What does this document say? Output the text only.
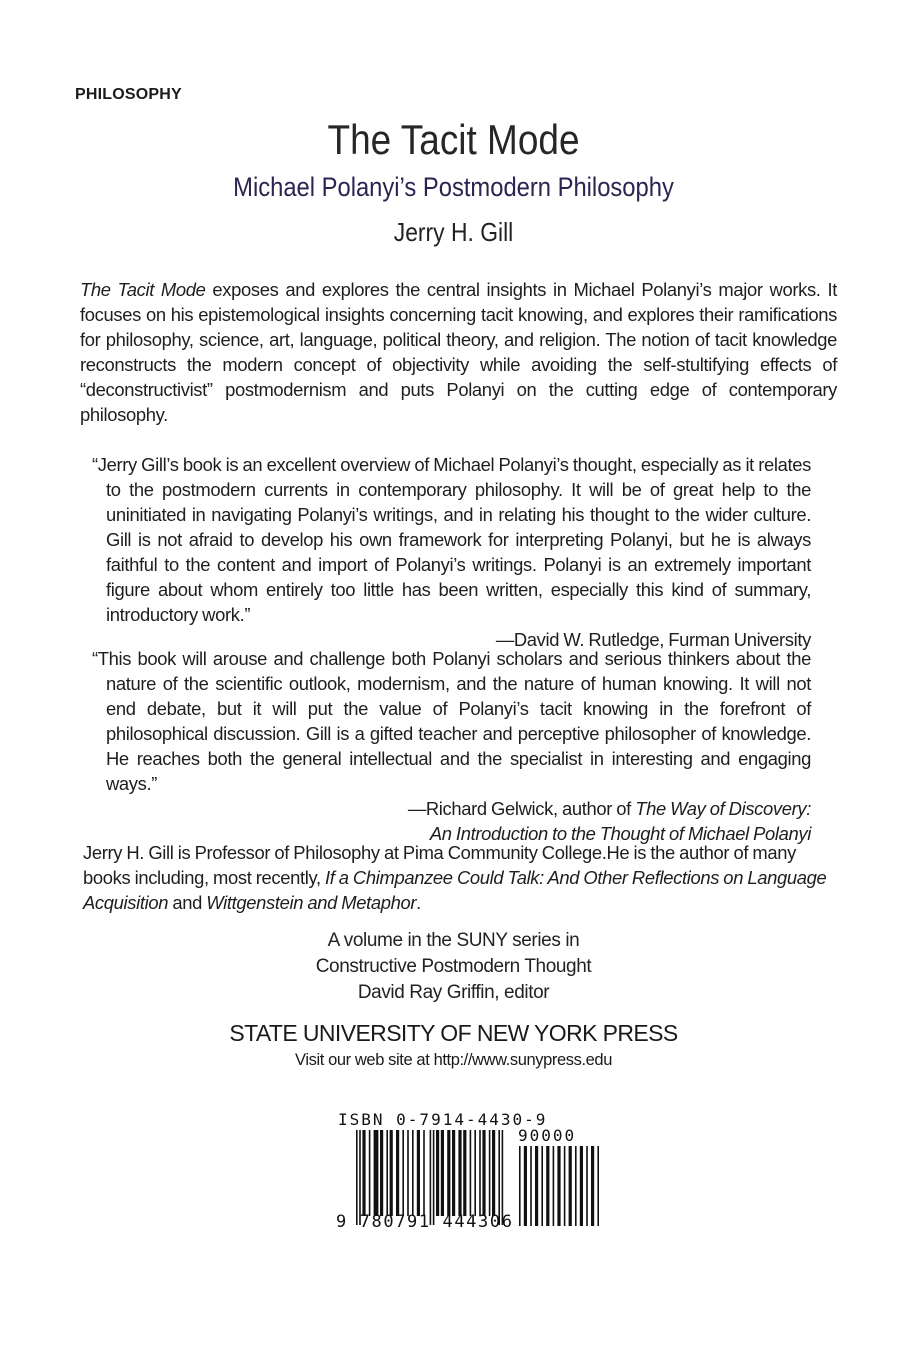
PHILOSOPHY
The Tacit Mode
Michael Polanyi’s Postmodern Philosophy
Jerry H. Gill
The Tacit Mode exposes and explores the central insights in Michael Polanyi’s major works. It focuses on his epistemological insights concerning tacit knowing, and explores their ramifications for philosophy, science, art, language, political theory, and religion. The notion of tacit knowledge reconstructs the modern concept of objectivity while avoiding the self-stultifying effects of “deconstructivist” postmodernism and puts Polanyi on the cutting edge of contemporary philosophy.
“Jerry Gill’s book is an excellent overview of Michael Polanyi’s thought, especially as it relates to the postmodern currents in contemporary philosophy. It will be of great help to the uninitiated in navigating Polanyi’s writings, and in relating his thought to the wider culture. Gill is not afraid to develop his own framework for interpreting Polanyi, but he is always faithful to the content and import of Polanyi’s writings. Polanyi is an extremely important figure about whom entirely too little has been written, especially this kind of summary, introductory work.”
—David W. Rutledge, Furman University
“This book will arouse and challenge both Polanyi scholars and serious thinkers about the nature of the scientific outlook, modernism, and the nature of human knowing. It will not end debate, but it will put the value of Polanyi’s tacit knowing in the forefront of philosophical discussion. Gill is a gifted teacher and perceptive philosopher of knowledge. He reaches both the general intellectual and the specialist in interesting and engaging ways.”
—Richard Gelwick, author of The Way of Discovery:
An Introduction to the Thought of Michael Polanyi
Jerry H. Gill is Professor of Philosophy at Pima Community College.He is the author of many books including, most recently, If a Chimpanzee Could Talk: And Other Reflections on Language Acquisition and Wittgenstein and Metaphor.
A volume in the SUNY series in
Constructive Postmodern Thought
David Ray Griffin, editor
STATE UNIVERSITY OF NEW YORK PRESS
Visit our web site at http://www.sunypress.edu
ISBN 0-7914-4430-9
90000
9 780791 444306
